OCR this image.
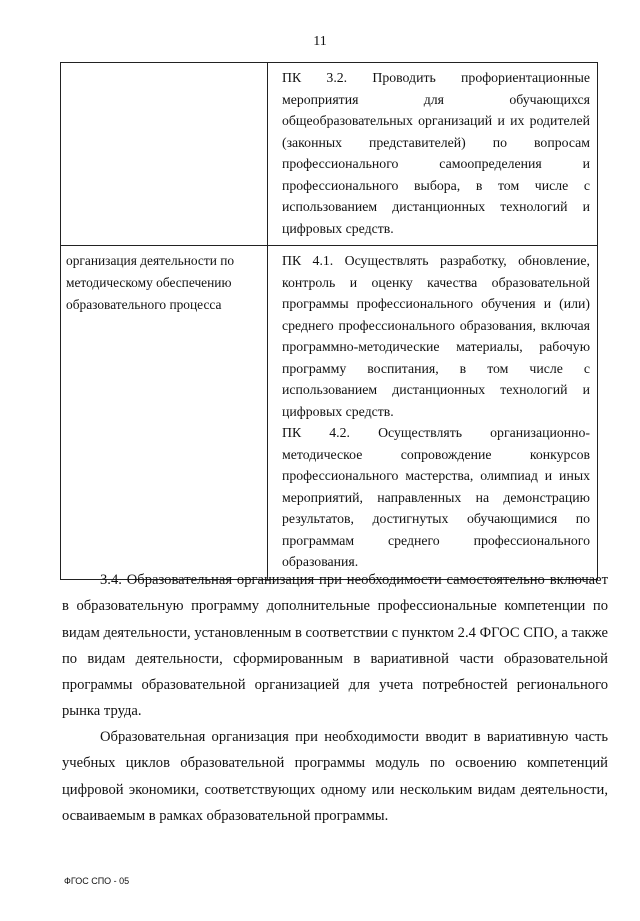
11

	ПК 3.2. Проводить профориентационные мероприятия для обучающихся общеобразовательных организаций и их родителей (законных представителей) по вопросам профессионального самоопределения и профессионального выбора, в том числе с использованием дистанционных технологий и цифровых средств.

организация деятельности по методическому обеспечению образовательного процесса	ПК 4.1. Осуществлять разработку, обновление, контроль и оценку качества образовательной программы профессионального обучения и (или) среднего профессионального образования, включая программно-методические материалы, рабочую программу воспитания, в том числе с использованием дистанционных технологий и цифровых средств.
ПК 4.2. Осуществлять организационно-методическое сопровождение конкурсов профессионального мастерства, олимпиад и иных мероприятий, направленных на демонстрацию результатов, достигнутых обучающимися по программам среднего профессионального образования.
3.4. Образовательная организация при необходимости самостоятельно включает в образовательную программу дополнительные профессиональные компетенции по видам деятельности, установленным в соответствии с пунктом 2.4 ФГОС СПО, а также по видам деятельности, сформированным в вариативной части образовательной программы образовательной организацией для учета потребностей регионального рынка труда.
Образовательная организация при необходимости вводит в вариативную часть учебных циклов образовательной программы модуль по освоению компетенций цифровой экономики, соответствующих одному или нескольким видам деятельности, осваиваемым в рамках образовательной программы.
ФГОС СПО - 05
